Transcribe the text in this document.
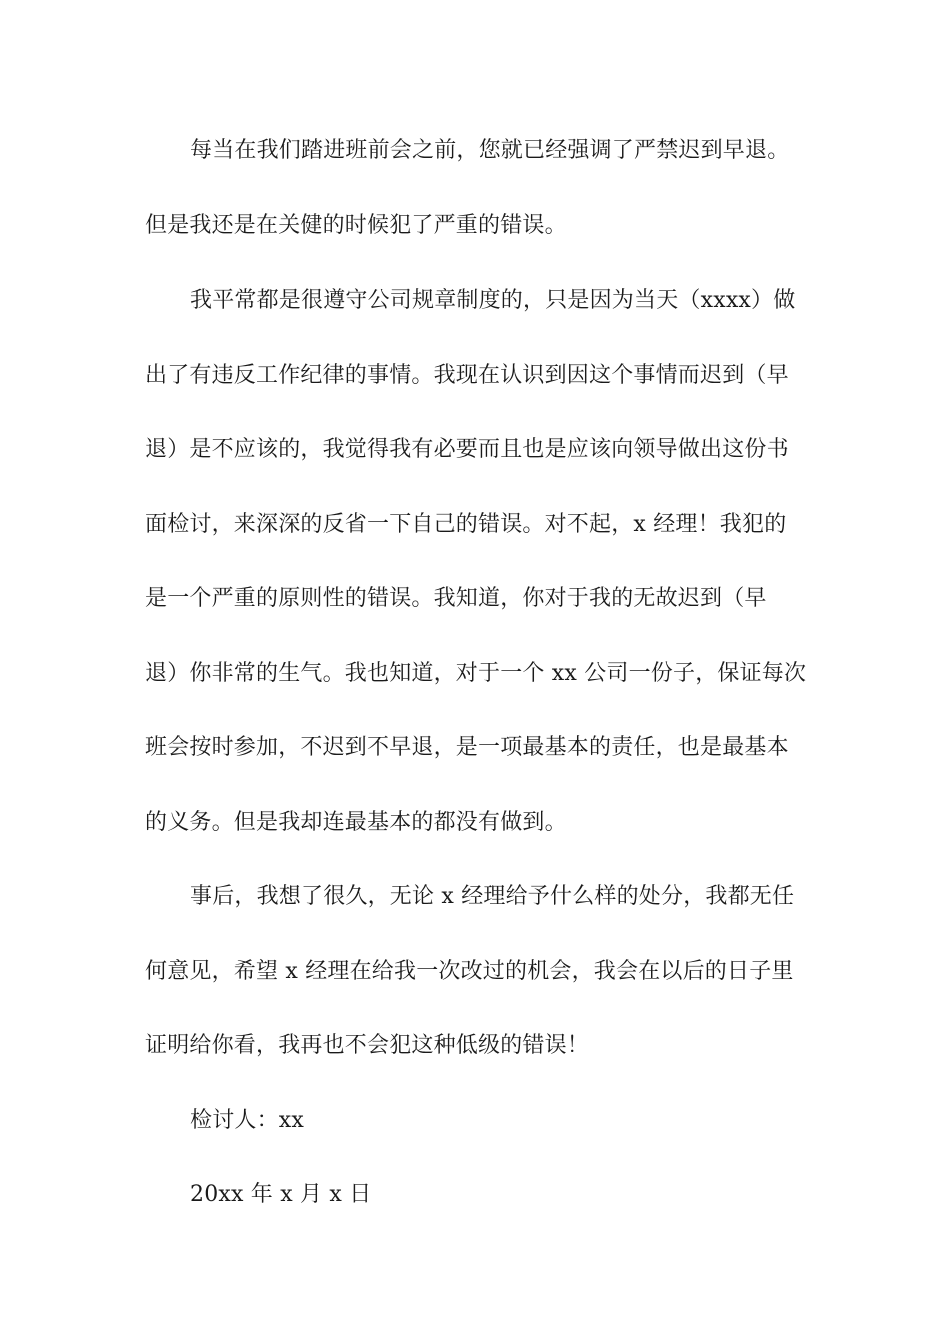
每当在我们踏进班前会之前，您就已经强调了严禁迟到早退。
但是我还是在关健的时候犯了严重的错误。
我平常都是很遵守公司规章制度的，只是因为当天（xxxx）做
出了有违反工作纪律的事情。我现在认识到因这个事情而迟到（早
退）是不应该的，我觉得我有必要而且也是应该向领导做出这份书
面检讨，来深深的反省一下自己的错误。对不起，x 经理！我犯的
是一个严重的原则性的错误。我知道，你对于我的无故迟到（早
退）你非常的生气。我也知道，对于一个 xx 公司一份子，保证每次
班会按时参加，不迟到不早退，是一项最基本的责任，也是最基本
的义务。但是我却连最基本的都没有做到。
事后，我想了很久，无论 x 经理给予什么样的处分，我都无任
何意见，希望 x 经理在给我一次改过的机会，我会在以后的日子里
证明给你看，我再也不会犯这种低级的错误！
检讨人：xx
20xx 年 x 月 x 日
